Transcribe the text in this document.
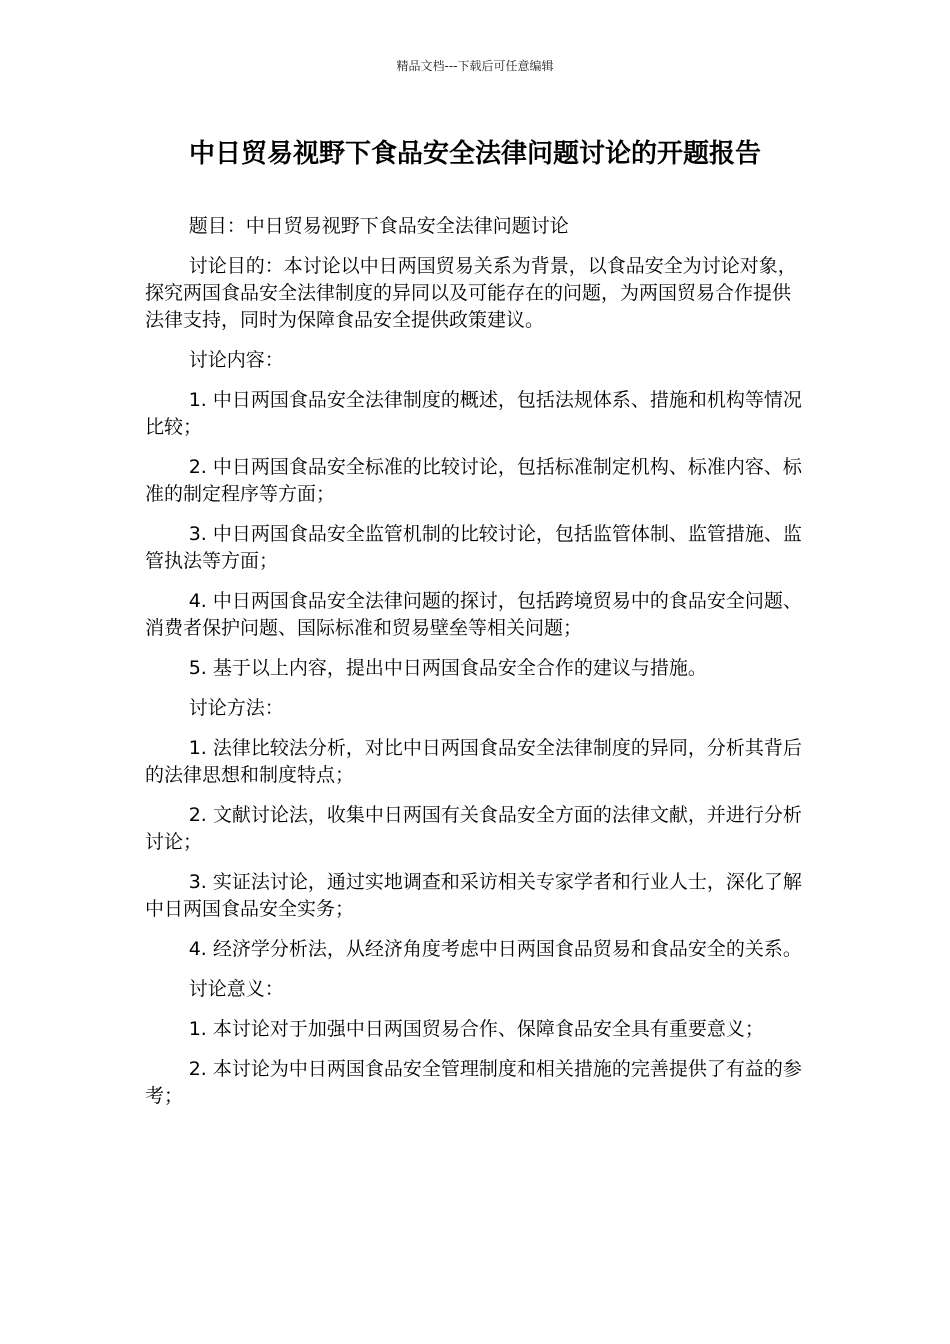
精品文档---下载后可任意编辑
中日贸易视野下食品安全法律问题讨论的开题报告

题目：中日贸易视野下食品安全法律问题讨论

讨论目的：本讨论以中日两国贸易关系为背景，以食品安全为讨论对象，探究两国食品安全法律制度的异同以及可能存在的问题，为两国贸易合作提供法律支持，同时为保障食品安全提供政策建议。

讨论内容：

1. 中日两国食品安全法律制度的概述，包括法规体系、措施和机构等情况比较；

2. 中日两国食品安全标准的比较讨论，包括标准制定机构、标准内容、标准的制定程序等方面；

3. 中日两国食品安全监管机制的比较讨论，包括监管体制、监管措施、监管执法等方面；

4. 中日两国食品安全法律问题的探讨，包括跨境贸易中的食品安全问题、消费者保护问题、国际标准和贸易壁垒等相关问题；

5. 基于以上内容，提出中日两国食品安全合作的建议与措施。

讨论方法：

1. 法律比较法分析，对比中日两国食品安全法律制度的异同，分析其背后的法律思想和制度特点；

2. 文献讨论法，收集中日两国有关食品安全方面的法律文献，并进行分析讨论；

3. 实证法讨论，通过实地调查和采访相关专家学者和行业人士，深化了解中日两国食品安全实务；

4. 经济学分析法，从经济角度考虑中日两国食品贸易和食品安全的关系。

讨论意义：

1. 本讨论对于加强中日两国贸易合作、保障食品安全具有重要意义；

2. 本讨论为中日两国食品安全管理制度和相关措施的完善提供了有益的参考；
